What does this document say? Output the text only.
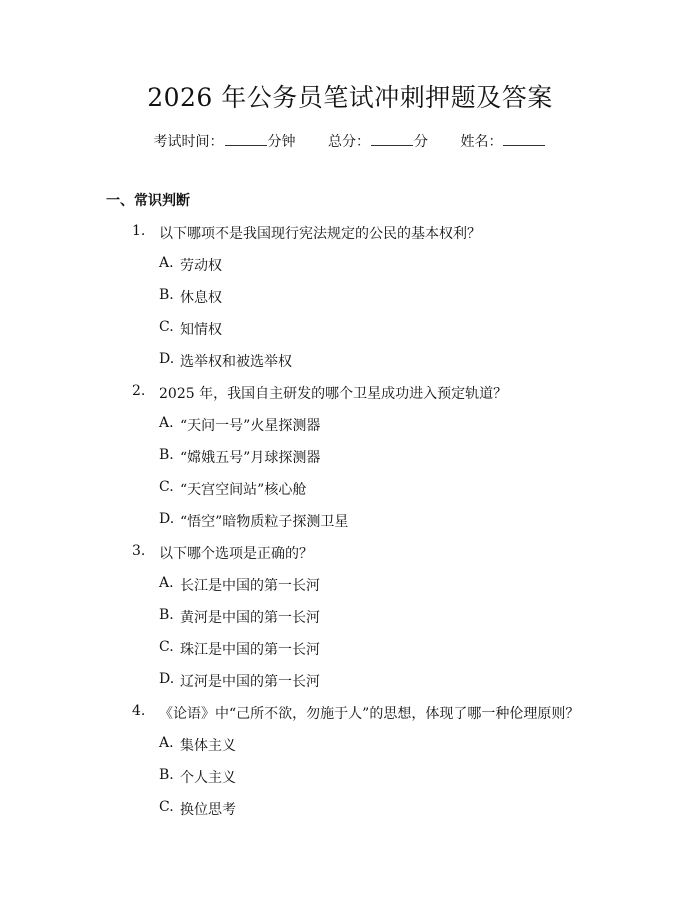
2026 年公务员笔试冲刺押题及答案
考试时间：	分钟 总分：	分 姓名：
一、常识判断
1. 以下哪项不是我国现行宪法规定的公民的基本权利？
A. 劳动权
B. 休息权
C. 知情权
D. 选举权和被选举权
2. 2025 年，我国自主研发的哪个卫星成功进入预定轨道？
A. “天问一号”火星探测器
B. “嫦娥五号”月球探测器
C. “天宫空间站”核心舱
D. “悟空”暗物质粒子探测卫星
3. 以下哪个选项是正确的？
A. 长江是中国的第一长河
B. 黄河是中国的第一长河
C. 珠江是中国的第一长河
D. 辽河是中国的第一长河
4. 《论语》中“己所不欲，勿施于人”的思想，体现了哪一种伦理原则？
A. 集体主义
B. 个人主义
C. 换位思考
